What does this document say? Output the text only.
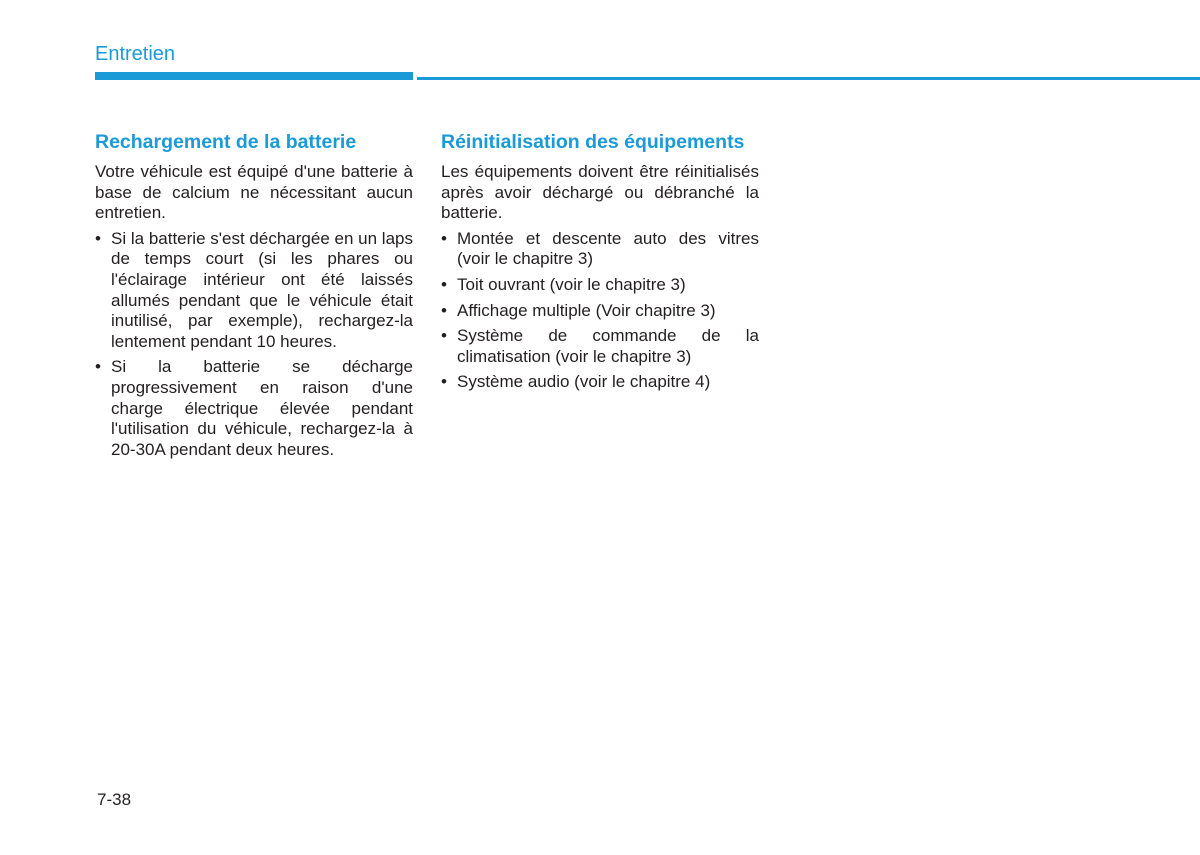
Entretien
Rechargement de la batterie

Votre véhicule est équipé d'une batterie à base de calcium ne nécessitant aucun entretien.

• Si la batterie s'est déchargée en un laps de temps court (si les phares ou l'éclairage intérieur ont été laissés allumés pendant que le véhicule était inutilisé, par exemple), rechargez-la lentement pendant 10 heures.
• Si la batterie se décharge progressivement en raison d'une charge électrique élevée pendant l'utilisation du véhicule, rechargez-la à 20-30A pendant deux heures.
Réinitialisation des équipements

Les équipements doivent être réinitialisés après avoir déchargé ou débranché la batterie.

• Montée et descente auto des vitres (voir le chapitre 3)
• Toit ouvrant (voir le chapitre 3)
• Affichage multiple (Voir chapitre 3)
• Système de commande de la climatisation (voir le chapitre 3)
• Système audio (voir le chapitre 4)
7-38
